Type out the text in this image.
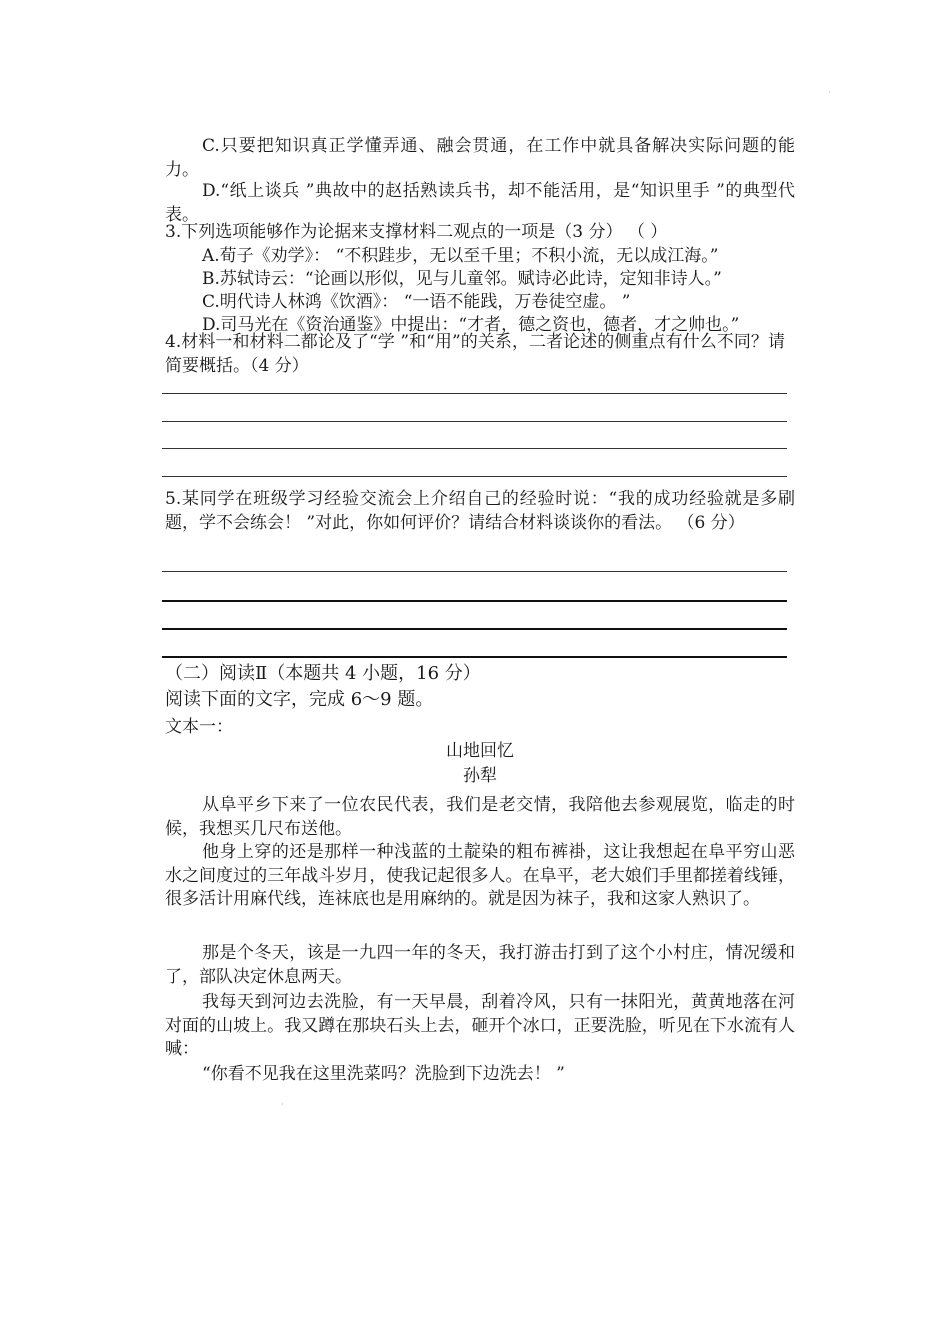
·
C.只要把知识真正学懂弄通、融会贯通，在工作中就具备解决实际问题的能力。
D.“纸上谈兵 ”典故中的赵括熟读兵书，却不能活用，是“知识里手 ”的典型代表。
3.下列选项能够作为论据来支撑材料二观点的一项是（3 分） （ ）
A.荀子《劝学》： “不积跬步，无以至千里；不积小流，无以成江海。”
B.苏轼诗云：“论画以形似，见与儿童邻。赋诗必此诗，定知非诗人。”
C.明代诗人林鸿《饮酒》： “一语不能践，万卷徒空虚。 ”
D.司马光在《资治通鉴》中提出：“才者，德之资也，德者，才之帅也。”
4.材料一和材料二都论及了“学 ”和“用”的关系，二者论述的侧重点有什么不同？请简要概括。（4 分）
5.某同学在班级学习经验交流会上介绍自己的经验时说：“我的成功经验就是多刷题，学不会练会！ ”对此，你如何评价？请结合材料谈谈你的看法。 （6 分）
（二）阅读Ⅱ（本题共 4 小题，16 分）
阅读下面的文字，完成 6～9 题。
文本一：
山地回忆
孙犁
从阜平乡下来了一位农民代表，我们是老交情，我陪他去参观展览，临走的时候，我想买几尺布送他。
他身上穿的还是那样一种浅蓝的土靛染的粗布裤褂，这让我想起在阜平穷山恶水之间度过的三年战斗岁月，使我记起很多人。在阜平，老大娘们手里都搓着线锤，很多活计用麻代线，连袜底也是用麻纳的。就是因为袜子，我和这家人熟识了。
那是个冬天，该是一九四一年的冬天，我打游击打到了这个小村庄，情况缓和了，部队决定休息两天。
我每天到河边去洗脸，有一天早晨，刮着冷风，只有一抹阳光，黄黄地落在河对面的山坡上。我又蹲在那块石头上去，砸开个冰口，正要洗脸，听见在下水流有人喊：
“你看不见我在这里洗菜吗？洗脸到下边洗去！ ”
·
